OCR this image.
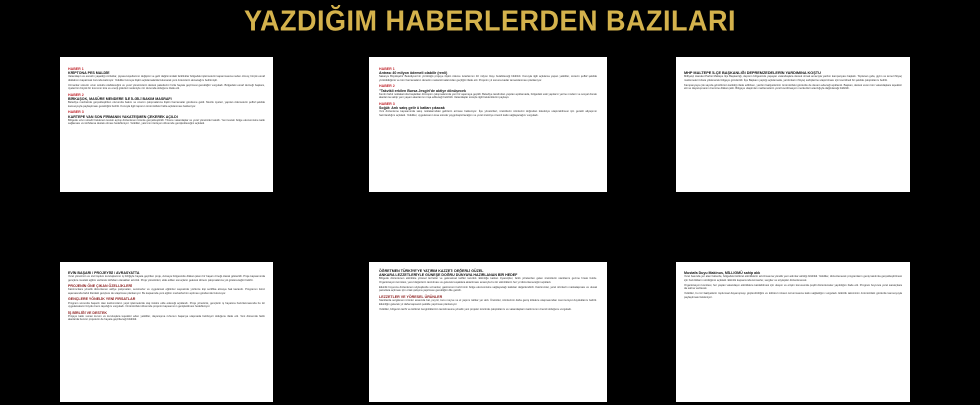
YAZDIĞIM HABERLERDEN BAZILARI
HABER 1
KRİPTONA PES MALDİE
Vatandaşın ve esnafın yaşadığı zorluklar, piyasa koşullarının değişimi ve gelir dağılımındaki farklılıklar bölgedeki işletmelerin kapanmasına neden olmuş; birçok esnaf dükkânını kapatmak zorunda kalmıştır. Yetkililer konuya ilişkin açıklamalarda bulunarak yeni önlemlerin alınacağını belirtmiştir.
Uzmanlar sürecin uzun soluklu olabileceğini ve yerel yönetimlerin destek paketlerini hızla hayata geçirmesi gerektiğini vurguladı. Bölgedeki esnaf derneği başkanı, üyelerinin büyük bir kısmının kira ve enerji giderleri nedeniyle zor durumda olduğunu ifade etti.
HABER 2
BİRKAŞOK, MASÜRE MENDERE İLE İLGİLİ BAKIM MASRAFI
Belediye meclisinde gerçekleştirilen oturumda bakım ve onarım çalışmalarına ilişkin harcamalar gündeme geldi. Meclis üyeleri, yapılan ödemelerin şeffaf şekilde kamuoyuyla paylaşılması gerektiğini belirtti. Konuyla ilgili raporun önümüzdeki hafta açıklanması bekleniyor.
HABER 3
KARTEPE VAN SON FİRMANIN YAKATEŞMEN ÇEKEREK AÇILDI
Bölgede uzun süredir beklenen tesisin açılışı düzenlenen törenle gerçekleştirildi. Törene vatandaşlar ve yerel yöneticiler katıldı. Yeni tesisin bölge ekonomisine katkı sağlaması ve istihdama destek olması hedefleniyor. Yetkililer, yatırımın ilerleyen dönemde genişletileceğini açıkladı.
HABER 1
Antrası 40 milyon ödemeli olabilir (renli)
Sakarya Büyükşehir Belediyesi'nin yürüttüğü projeye ilişkin ödeme tutarlarının 40 milyon lirayı bulabileceği bildirildi. Konuyla ilgili açıklama yapan yetkililer, sürecin şeffaf şekilde yürütüldüğünü ve tüm harcamaların denetim mekanizmalarından geçtiğini ifade etti. Projenin yıl sonuna kadar tamamlanması planlanıyor.
HABER 2
"Takvikli erkilen Bursa Jesgiri'de aktiye dönüşecek
Kentin farklı noktalarında başlatılan dönüşüm çalışmalarında yeni bir aşamaya geçildi. Belediye tarafından yapılan açıklamada, bölgedeki eski yapıların yerine modern ve sosyal donatı alanlarına sahip yeni yaşam alanlarının inşa edileceği belirtildi. Vatandaşlar süreçle ilgili beklentilerini paylaştı.
HABER 3
Soğüt: Arılı satış gelir ü katları çıkacak
Yeni düzenleme kapsamında satış noktalarındaki gelirlerin artması bekleniyor. İlçe yöneticileri, üreticilerin ürünlerini doğrudan tüketiciye ulaştırabilmesi için gerekli altyapının hazırlandığını açıkladı. Yetkililer, uygulamanın kısa sürede yaygınlaştırılacağını ve yerel üreticiye önemli katkı sağlayacağını vurguladı.
MHP MALTEPE İLÇE BAŞKANLIĞI DEPREMZEDELERİN YARDIMINA KOŞTU
Milliyetçi Hareket Partisi Maltepe İlçe Başkanlığı, deprem bölgesinde yaşayan vatandaşlara destek olmak amacıyla yardım kampanyası başlattı. Toplanan gıda, giyim ve temel ihtiyaç malzemeleri tırlara yüklenerek bölgeye gönderildi. İlçe Başkanı yaptığı açıklamada, yardımların ihtiyaç sahiplerine ulaştırılması için koordineli bir şekilde çalıştıklarını belirtti.
Kampanyaya çok sayıda gönüllünün katıldığı ifade edilirken, yardım faaliyetlerinin önümüzdeki günlerde de devam edeceği açıklandı. Başkan, destek veren tüm vatandaşlara teşekkür etti ve dayanışmanın önemine dikkat çekti. Bölgeye ulaştırılan malzemelerin yerel koordinasyon merkezleri aracılığıyla dağıtılacağı bildirildi.
EVİN BAŞARI / PROJEYİSİ / AVRASYATTA
Yerel yönetimin ve sivil toplum kuruluşlarının iş birliğiyle hayata geçirilen proje, Avrasya bölgesinde dikkat çeken bir başarı örneği olarak gösterildi. Proje kapsamında gençlere mesleki eğitim verilerek istihdam olanakları artırıldı. Proje yöneticileri, elde edilen sonuçların gelecek dönem çalışmalarına yol göstereceğini belirtti.
PROJENİN ÖNE ÇIKAN ÖZELLİKLERİ
Katılımcılara yönelik düzenlenen atölye çalışmaları, seminerler ve uygulamalı eğitimler sayesinde yüzlerce kişi sertifika almaya hak kazandı. Programın ikinci aşamasında farklı illerdeki gençlere de ulaşılması planlanıyor. Bu kapsamda yeni eğitim merkezlerinin açılması gündemde bulunuyor.
GENÇLERE YÖNELİK YENİ FIRSATLAR
Program sonunda başarılı olan katılımcıların yerel işletmelerde staj imkânı elde edeceği açıklandı. Proje yöneticisi, gençlerin iş hayatına hazırlanmasında bu tür uygulamaların büyük önem taşıdığını vurguladı. Önümüzdeki dönemde projenin kapsamının genişletilmesi hedefleniyor.
İŞ BİRLİĞİ VE DESTEK
Projeye katkı sunan kurum ve kuruluşlara teşekkür eden yetkililer, dayanışma ruhunun başarıya ulaşmada belirleyici olduğunu ifade etti. Yeni dönemde farklı alanlarda benzer projelerin de hayata geçirileceği bildirildi.
ÖĞRETMEN TÜRKİYE'YE YATIRIM KAZZET: DEĞERLİ GÜZEL
ANKARA LEZZETLERİYLE GÜNEŞE DOĞRU DÜNYAYA HAZIRLANAN BİR HEDEF
Bölgede düzenlenen etkinlikte yöresel lezzetler ve geleneksel tarifler tanıtıldı. Etkinliğe katılan ziyaretçiler, farklı yörelerden gelen üreticilerin stantlarını gezme fırsatı buldu. Organizasyon komitesi, yerel değerlerin tanıtılması ve gelecek kuşaklara aktarılması amacıyla bu tür etkinliklerin her yıl düzenleneceğini açıkladı.
Etkinlik boyunca düzenlenen söyleşilerde uzmanlar, gastronomi turizminin bölge ekonomisine sağlayacağı katkıları değerlendirdi. Katılımcılar, yerel ürünlerin markalaşması ve ulusal pazarlara açılması için ortak çalışma yapılması gerektiğini dile getirdi.
LEZZETLER VE YÖRESEL ÜRÜNLER
Stantlarda sergilenen ürünler arasında bal, peynir, kuru meyve ve el yapımı tatlılar yer aldı. Üreticiler, ürünlerinin daha geniş kitlelere ulaşmasından memnuniyet duyduklarını belirtti. Etkinliğin gelecek yıl daha kapsamlı şekilde yapılması planlanıyor.
Yetkililer, bölgenin tarihi ve kültürel zenginliklerinin tanıtılmasına yönelik yeni projeler üzerinde çalıştıklarını ve vatandaşların katılımının önemli olduğunu vurguladı.
Mustafa Duyu Makinus, MİLLIGMÜ sahip alık
Yerel basında yer alan haberde, bölgedeki kültürel etkinliklerin artırılmasına yönelik yeni adımlar atıldığı bildirildi. Yetkililer, düzenlenecek programların geniş katılımla gerçekleştirilmesi için hazırlıkların sürdüğünü açıkladı. Etkinlik kapsamında konserler, sergiler ve söyleşiler düzenlenecek.
Organizasyon komitesi, her yaştan vatandaşın etkinliklere katılabilmesi için ulaşım ve erişim konusunda çeşitli düzenlemeler yapıldığını ifade etti. Program boyunca yerel sanatçılara da sahne verilecek.
Yetkililer, bu tür faaliyetlerin toplumsal dayanışmayı güçlendirdiğini ve kültürel mirasın korunmasına katkı sağladığını vurguladı. Etkinlik takviminin önümüzdeki günlerde kamuoyuyla paylaşılması bekleniyor.
